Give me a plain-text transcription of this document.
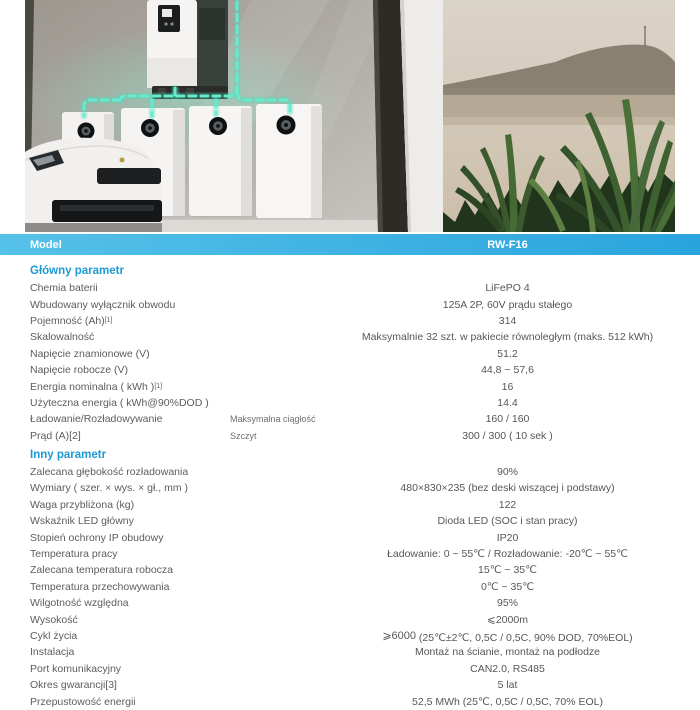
Model	RW-F16
Główny parametr
Chemia baterii	LiFePO 4
Wbudowany wyłącznik obwodu	125A 2P, 60V prądu stałego
Pojemność (Ah)[1]	314
Skalowalność	Maksymalnie 32 szt. w pakiecie równoległym (maks. 512 kWh)
Napięcie znamionowe (V)	51.2
Napięcie robocze (V)	44,8 ~ 57,6
Energia nominalna ( kWh )[1]	16
Użyteczna energia ( kWh@90%DOD )	14.4
Ładowanie/Rozładowywanie	Maksymalna ciągłość	160 / 160
Prąd (A)[2]	Szczyt	300 / 300 ( 10 sek )
Inny parametr
Zalecana głębokość rozładowania	90%
Wymiary ( szer. × wys. × gł., mm )	480×830×235 (bez deski wiszącej i podstawy)
Waga przybliżona (kg)	122
Wskaźnik LED główny	Dioda LED (SOC i stan pracy)
Stopień ochrony IP obudowy	IP20
Temperatura pracy	Ładowanie: 0 ~ 55℃ / Rozładowanie: -20℃ ~ 55℃
Zalecana temperatura robocza	15℃ ~ 35℃
Temperatura przechowywania	0℃ ~ 35℃
Wilgotność względna	95%
Wysokość	⩽2000m
Cykl życia	⩾6000 (25℃±2℃, 0,5C / 0,5C, 90% DOD, 70%EOL)
Instalacja	Montaż na ścianie, montaż na podłodze
Port komunikacyjny	CAN2.0, RS485
Okres gwarancji[3]	5 lat
Przepustowość energii	52,5 MWh (25℃, 0,5C / 0,5C, 70% EOL)
